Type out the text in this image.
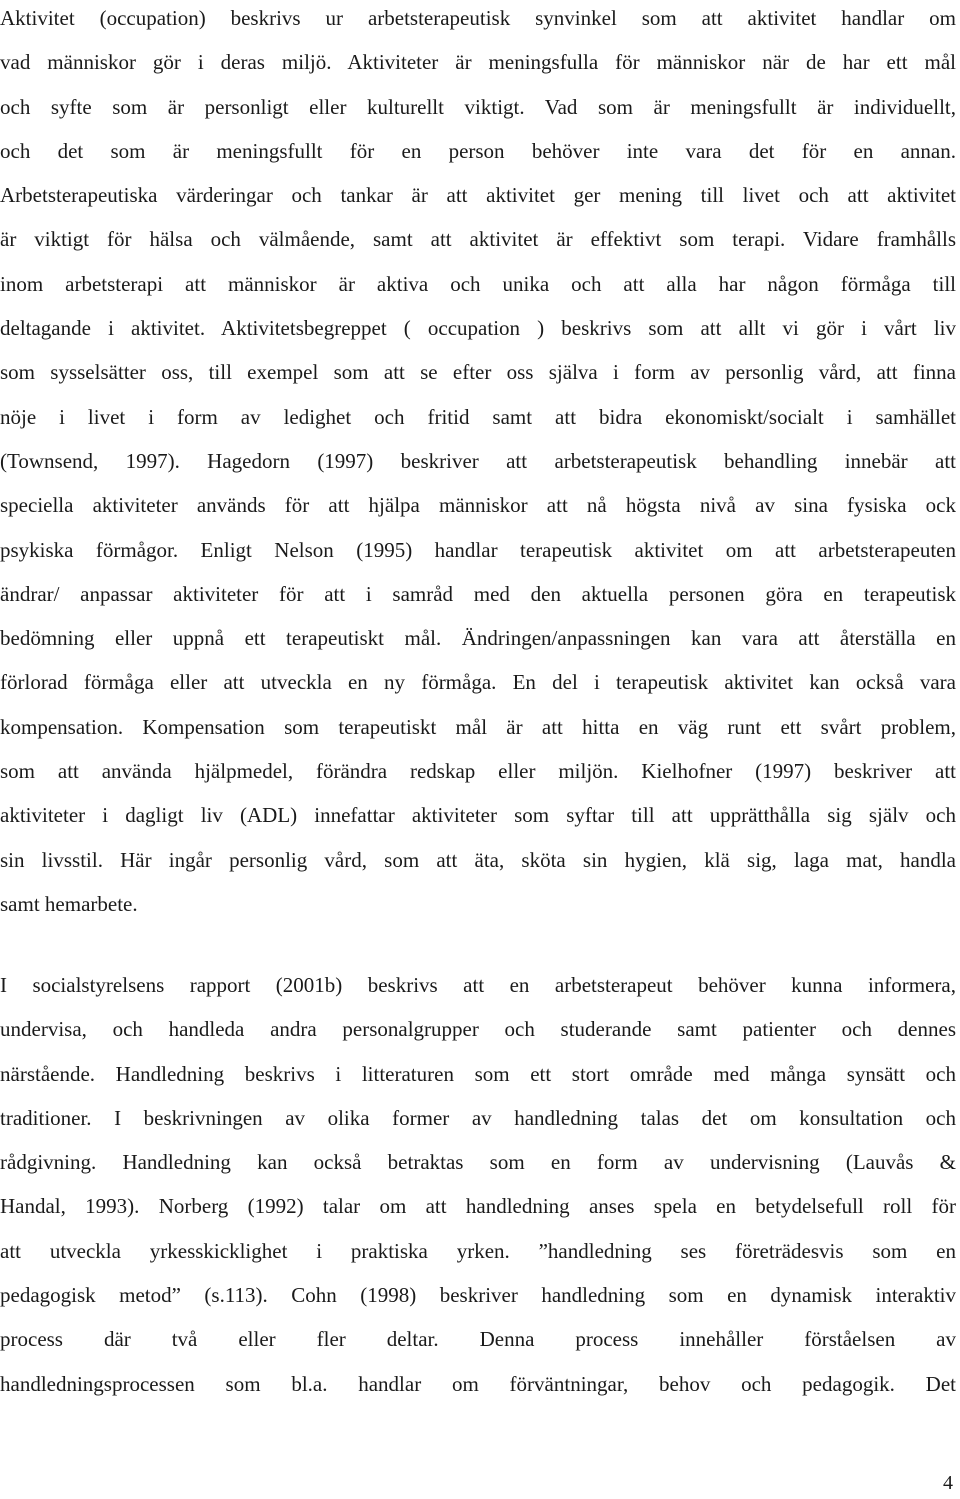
Aktivitet (occupation) beskrivs ur arbetsterapeutisk synvinkel som att aktivitet handlar om
vad människor gör i deras miljö. Aktiviteter är meningsfulla för människor när de har ett mål
och syfte som är personligt eller kulturellt viktigt. Vad som är meningsfullt är individuellt,
och det som är meningsfullt för en person behöver inte vara det för en annan.
Arbetsterapeutiska värderingar och tankar är att aktivitet ger mening till livet och att aktivitet
är viktigt för hälsa och välmående, samt att aktivitet är effektivt som terapi. Vidare framhålls
inom arbetsterapi att människor är aktiva och unika och att alla har någon förmåga till
deltagande i aktivitet. Aktivitetsbegreppet ( occupation ) beskrivs som att allt vi gör i vårt liv
som sysselsätter oss, till exempel som att se efter oss själva i form av personlig vård, att finna
nöje i livet i form av ledighet och fritid samt att bidra ekonomiskt/socialt i samhället
(Townsend, 1997). Hagedorn (1997) beskriver att arbetsterapeutisk behandling innebär att
speciella aktiviteter används för att hjälpa människor att nå högsta nivå av sina fysiska ock
psykiska förmågor. Enligt Nelson (1995) handlar terapeutisk aktivitet om att arbetsterapeuten
ändrar/ anpassar aktiviteter för att i samråd med den aktuella personen göra en terapeutisk
bedömning eller uppnå ett terapeutiskt mål. Ändringen/anpassningen kan vara att återställa en
förlorad förmåga eller att utveckla en ny förmåga. En del i terapeutisk aktivitet kan också vara
kompensation. Kompensation som terapeutiskt mål är att hitta en väg runt ett svårt problem,
som att använda hjälpmedel, förändra redskap eller miljön. Kielhofner (1997) beskriver att
aktiviteter i dagligt liv (ADL) innefattar aktiviteter som syftar till att upprätthålla sig själv och
sin livsstil. Här ingår personlig vård, som att äta, sköta sin hygien, klä sig, laga mat, handla
samt hemarbete.
I socialstyrelsens rapport (2001b) beskrivs att en arbetsterapeut behöver kunna informera,
undervisa, och handleda andra personalgrupper och studerande samt patienter och dennes
närstående. Handledning beskrivs i litteraturen som ett stort område med många synsätt och
traditioner. I beskrivningen av olika former av handledning talas det om konsultation och
rådgivning. Handledning kan också betraktas som en form av undervisning (Lauvås &
Handal, 1993). Norberg (1992) talar om att handledning anses spela en betydelsefull roll för
att utveckla yrkesskicklighet i praktiska yrken. ”handledning ses företrädesvis som en
pedagogisk metod” (s.113). Cohn (1998) beskriver handledning som en dynamisk interaktiv
process där två eller fler deltar. Denna process innehåller förståelsen av
handledningsprocessen som bl.a. handlar om förväntningar, behov och pedagogik. Det
4
